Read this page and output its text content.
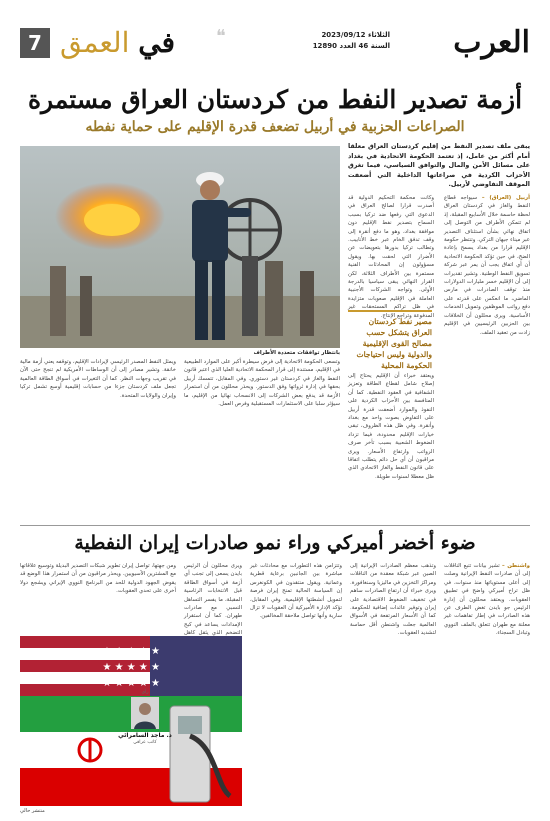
العرب
الثلاثاء 2023/09/12
السنة 46 العدد 12890
❝
في العمق
7
أزمة تصدير النفط من كردستان العراق مستمرة
الصراعات الحزبية في أربيل تضعف قدرة الإقليم على حماية نفطه
يبقى ملف تصدير النفط من إقليم كردستان العراق معلقا أمام أكثر من عامل، إذ تعتمد الحكومة الاتحادية في بغداد على مسائل الأمن والمال والتوافق السياسي، فيما تغرق الأحزاب الكردية في صراعاتها الداخلية التي أضعفت الموقف التفاوضي لأربيل.
بانتظار توافقات متعددة الأطراف

أربيل (العراق) – سيواجه قطاع النفط والغاز في كردستان العراق لحظة حاسمة خلال الأسابيع المقبلة، إذ لم تتمكن الأطراف من التوصل إلى اتفاق نهائي بشأن استئناف التصدير عبر ميناء جيهان التركي. وتنتظر حكومة الإقليم قرارا من بغداد يسمح بإعادة الضخ، في حين تؤكد الحكومة الاتحادية أن أي اتفاق يجب أن يمر عبر شركة تسويق النفط الوطنية. وتشير تقديرات إلى أن الإقليم خسر مليارات الدولارات منذ توقف الصادرات في مارس الماضي، ما انعكس على قدرته على دفع رواتب الموظفين وتمويل الخدمات الأساسية. ويرى محللون أن الخلافات بين الحزبين الرئيسيين في الإقليم زادت من تعقيد الملف.

وكانت محكمة التحكيم الدولية قد أصدرت قرارا لصالح العراق في الدعوى التي رفعها ضد تركيا بسبب السماح بتصدير نفط الإقليم دون موافقة بغداد، وهو ما دفع أنقرة إلى وقف تدفق الخام عبر خط الأنابيب. وتطالب تركيا بدورها بتعويضات عن الأضرار التي لحقت بها. ويقول مسؤولون إن المحادثات الفنية مستمرة بين الأطراف الثلاثة، لكن القرار النهائي يبقى سياسيا بالدرجة الأولى. وتواجه الشركات الأجنبية العاملة في الإقليم صعوبات متزايدة في ظل تراكم المستحقات غير المدفوعة وتراجع الإنتاج.

مصير نفط كردستان العراق يتشكل حسب مصالح القوى الإقليمية والدولية وليس احتياجات الحكومة المحلية

ويعتقد خبراء أن الإقليم يحتاج إلى إصلاح شامل لقطاع الطاقة وتعزيز الشفافية في العقود النفطية. كما أن المنافسة بين الأحزاب الكردية على النفوذ والموارد أضعفت قدرة أربيل على التفاوض بصوت واحد مع بغداد وأنقرة. وفي ظل هذه الظروف، تبقى خيارات الإقليم محدودة، فيما تزداد الضغوط الشعبية بسبب تأخر صرف الرواتب وارتفاع الأسعار. ويرى مراقبون أن أي حل دائم يتطلب اتفاقا على قانون النفط والغاز الاتحادي الذي ظل معطلا لسنوات طويلة.

وتسعى الحكومة الاتحادية إلى فرض سيطرة أكبر على الموارد الطبيعية في الإقليم، مستندة إلى قرار المحكمة الاتحادية العليا الذي اعتبر قانون النفط والغاز في كردستان غير دستوري. وفي المقابل، تتمسك أربيل بحقها في إدارة ثرواتها وفق الدستور. ويحذر محللون من أن استمرار الأزمة قد يدفع بعض الشركات إلى الانسحاب نهائيا من الإقليم، ما سيؤثر سلبا على الاستثمارات المستقبلية وفرص العمل.

ويمثل النفط المصدر الرئيسي لإيرادات الإقليم، وتوقفه يعني أزمة مالية خانقة. وتشير مصادر إلى أن الوساطات الأمريكية لم تنجح حتى الآن في تقريب وجهات النظر. كما أن التغيرات في أسواق الطاقة العالمية تجعل ملف كردستان جزءا من حسابات إقليمية أوسع تشمل تركيا وإيران والولايات المتحدة.

ضوء أخضر أميركي وراء نمو صادرات إيران النفطية

واشنطن – تشير بيانات تتبع الناقلات إلى أن صادرات النفط الإيرانية وصلت إلى أعلى مستوياتها منذ سنوات، في ظل تراخ أميركي واضح في تطبيق العقوبات. ويعتقد محللون أن إدارة الرئيس جو بايدن تغض الطرف عن هذه الصادرات في إطار تفاهمات غير معلنة مع طهران تتعلق بالملف النووي وتبادل السجناء.

وتذهب معظم الصادرات الإيرانية إلى الصين عبر شبكة معقدة من الناقلات ومراكز التخزين في ماليزيا وسنغافورة. ويرى خبراء أن ارتفاع الصادرات ساهم في تخفيف الضغوط الاقتصادية على إيران وتوفير عائدات إضافية للحكومة. كما أن الأسعار المرتفعة في الأسواق العالمية جعلت واشنطن أقل حماسة لتشديد العقوبات.

وتتزامن هذه التطورات مع محادثات غير مباشرة بين الجانبين برعاية قطرية وعمانية. ويقول منتقدون في الكونغرس إن السياسة الحالية تمنح إيران فرصة لتمويل أنشطتها الإقليمية. وفي المقابل، تؤكد الإدارة الأميركية أن العقوبات لا تزال سارية وأنها تواصل ملاحقة المخالفين.

ويرى محللون أن الرئيس بايدن يسعى إلى تجنب أي أزمة في أسواق الطاقة قبل الانتخابات الرئاسية المقبلة، ما يفسر التساهل النسبي مع صادرات طهران. كما أن استقرار الإمدادات يساعد في كبح التضخم الذي يثقل كاهل

ومن جهتها، تواصل إيران تطوير شبكات التصدير البديلة وتوسيع علاقاتها مع المشترين الآسيويين. ويحذر مراقبون من أن استمرار هذا الوضع قد يقوض الجهود الدولية للحد من البرنامج النووي الإيراني ويشجع دولا أخرى على تحدي العقوبات.

★ ★ ★ ★ ★
★ ★ ★ ★ ★
★ ★ ★ ★ ★
منتشر حالي
رأي
د. ماجد السامرائي
كاتب عراقي
